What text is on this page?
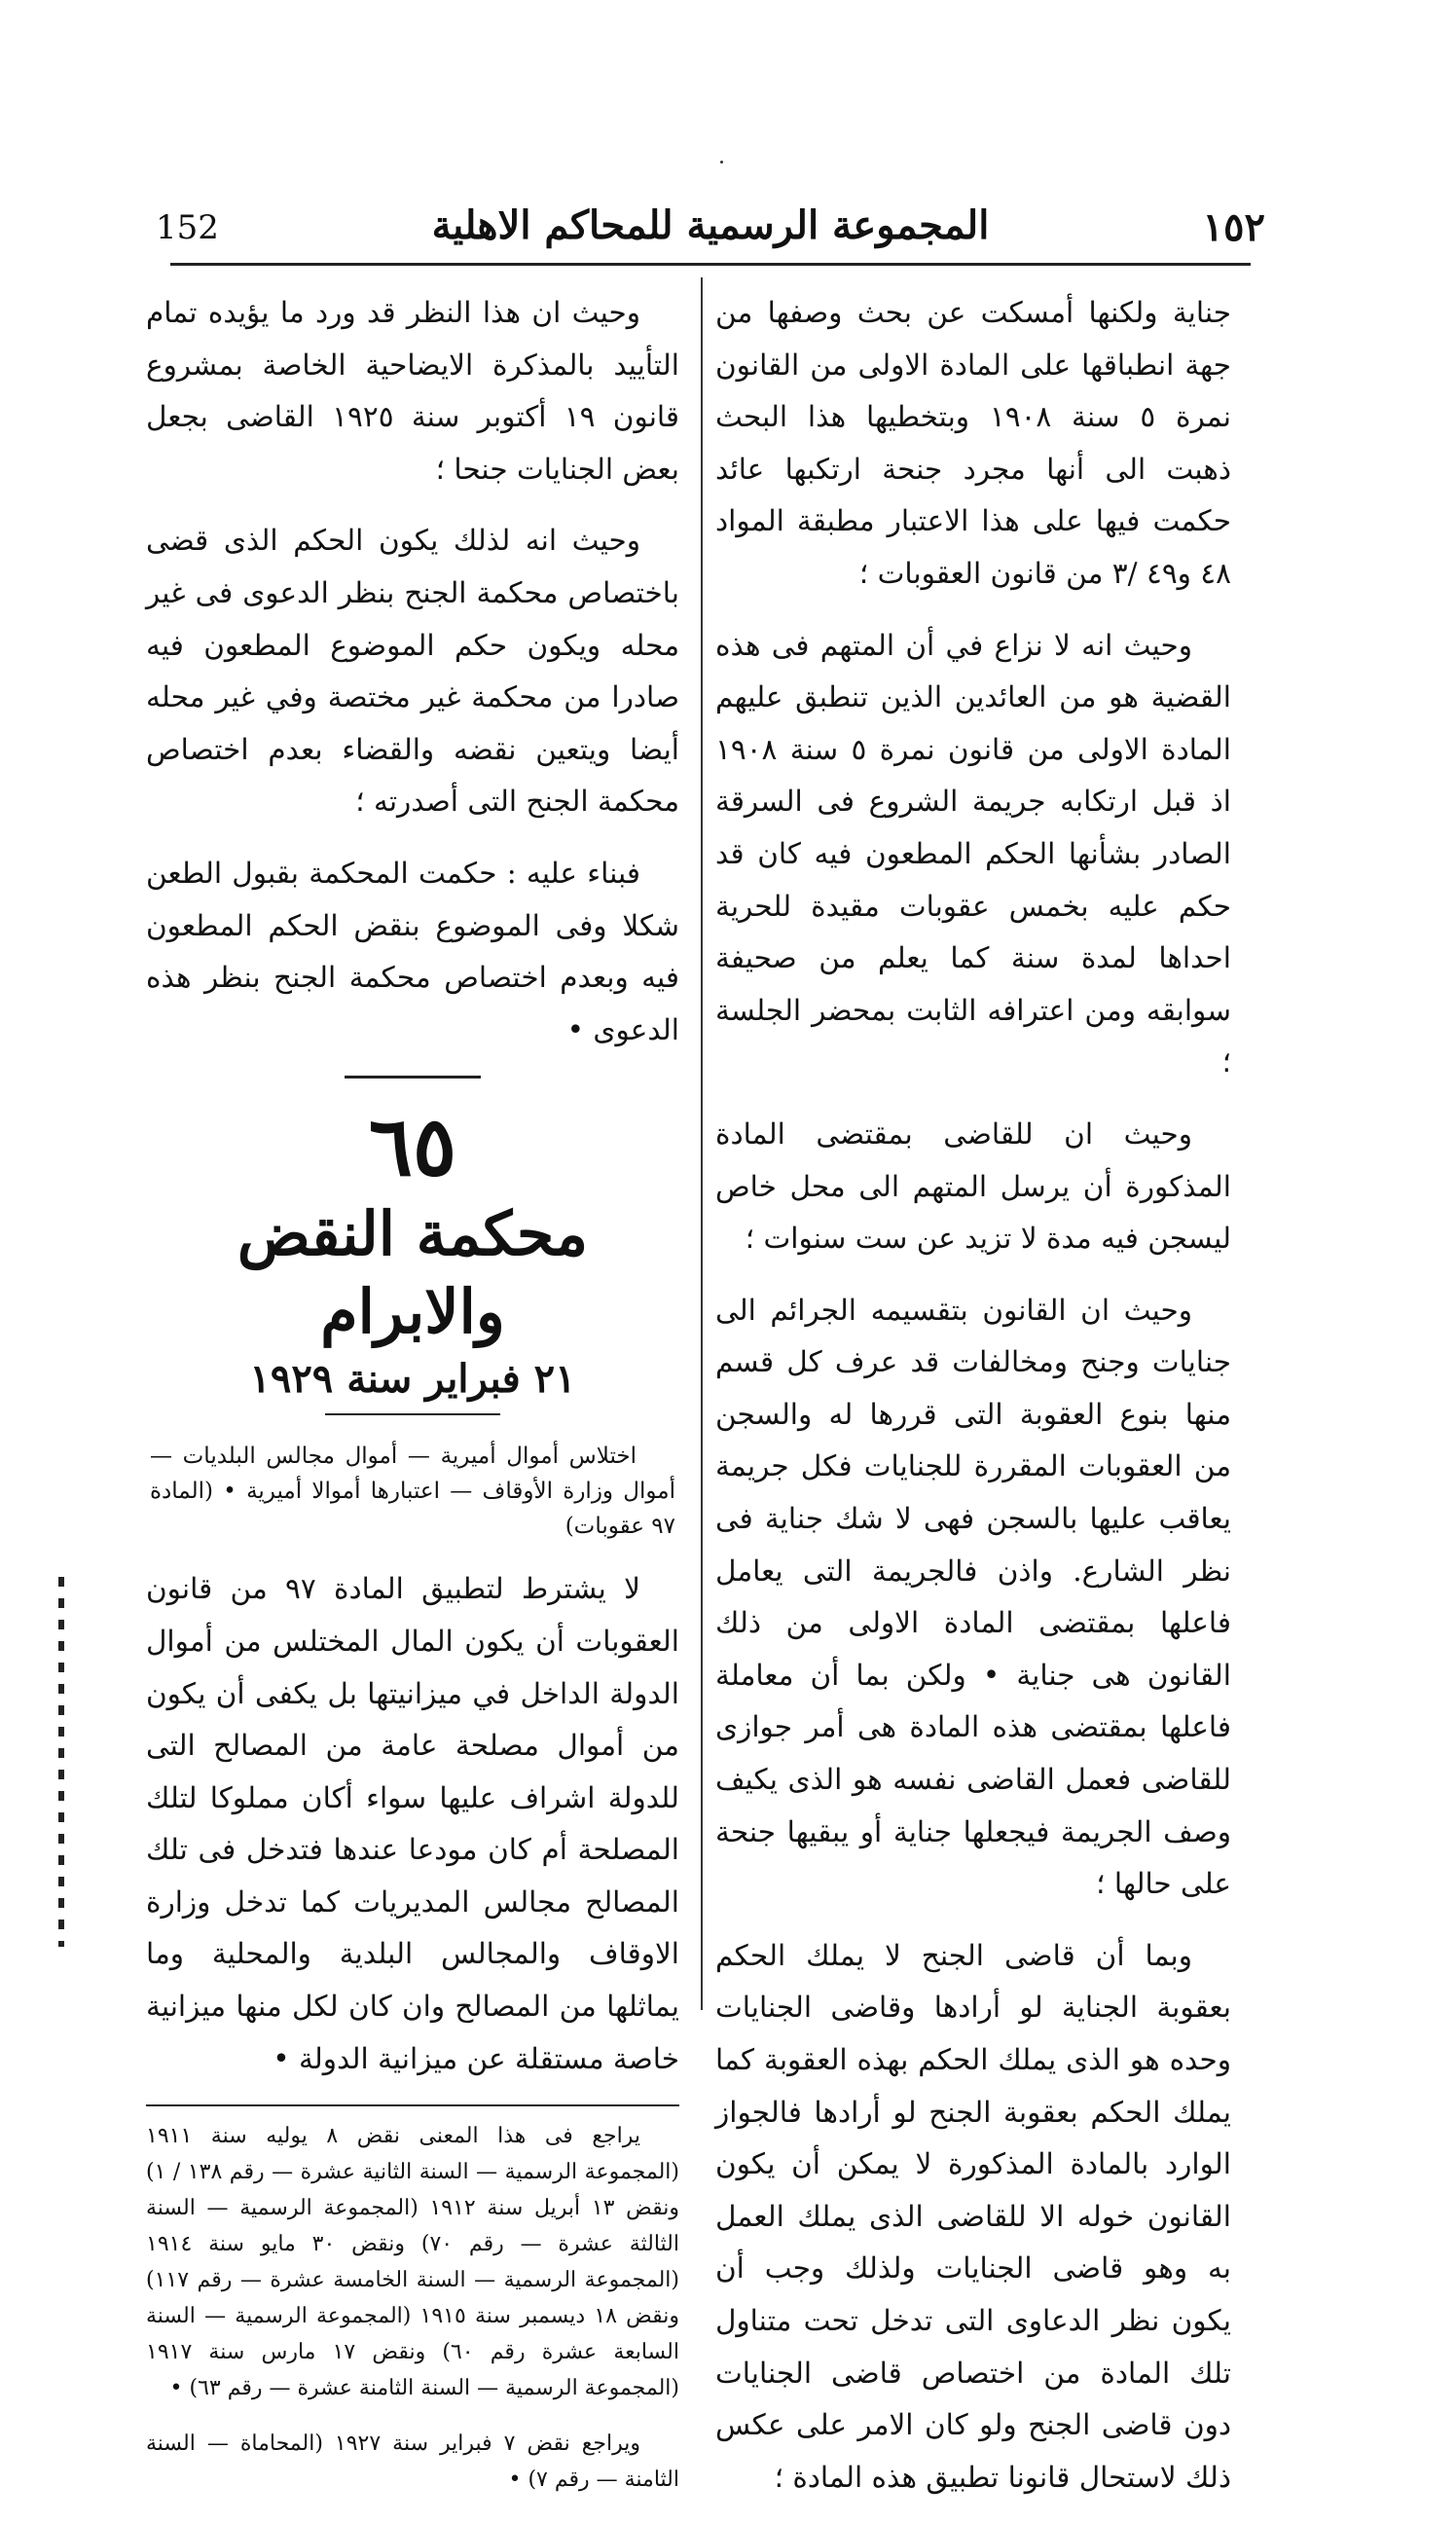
152	المجموعة الرسمية للمحاكم الاهلية	١٥٢

جناية ولكنها أمسكت عن بحث وصفها من جهة انطباقها على المادة الاولى من القانون نمرة ٥ سنة ١٩٠٨ وبتخطيها هذا البحث ذهبت الى أنها مجرد جنحة ارتكبها عائد حكمت فيها على هذا الاعتبار مطبقة المواد ٤٨ و٤٩ /٣ من قانون العقوبات ؛

وحيث انه لا نزاع في أن المتهم فى هذه القضية هو من العائدين الذين تنطبق عليهم المادة الاولى من قانون نمرة ٥ سنة ١٩٠٨ اذ قبل ارتكابه جريمة الشروع فى السرقة الصادر بشأنها الحكم المطعون فيه كان قد حكم عليه بخمس عقوبات مقيدة للحرية احداها لمدة سنة كما يعلم من صحيفة سوابقه ومن اعترافه الثابت بمحضر الجلسة ؛

وحيث ان للقاضى بمقتضى المادة المذكورة أن يرسل المتهم الى محل خاص ليسجن فيه مدة لا تزيد عن ست سنوات ؛

وحيث ان القانون بتقسيمه الجرائم الى جنايات وجنح ومخالفات قد عرف كل قسم منها بنوع العقوبة التى قررها له والسجن من العقوبات المقررة للجنايات فكل جريمة يعاقب عليها بالسجن فهى لا شك جناية فى نظر الشارع. واذن فالجريمة التى يعامل فاعلها بمقتضى المادة الاولى من ذلك القانون هى جناية • ولكن بما أن معاملة فاعلها بمقتضى هذه المادة هى أمر جوازى للقاضى فعمل القاضى نفسه هو الذى يكيف وصف الجريمة فيجعلها جناية أو يبقيها جنحة على حالها ؛

وبما أن قاضى الجنح لا يملك الحكم بعقوبة الجناية لو أرادها وقاضى الجنايات وحده هو الذى يملك الحكم بهذه العقوبة كما يملك الحكم بعقوبة الجنح لو أرادها فالجواز الوارد بالمادة المذكورة لا يمكن أن يكون القانون خوله الا للقاضى الذى يملك العمل به وهو قاضى الجنايات ولذلك وجب أن يكون نظر الدعاوى التى تدخل تحت متناول تلك المادة من اختصاص قاضى الجنايات دون قاضى الجنح ولو كان الامر على عكس ذلك لاستحال قانونا تطبيق هذه المادة ؛

وحيث ان هذا النظر قد ورد ما يؤيده تمام التأييد بالمذكرة الايضاحية الخاصة بمشروع قانون ١٩ أكتوبر سنة ١٩٢٥ القاضى بجعل بعض الجنايات جنحا ؛

وحيث انه لذلك يكون الحكم الذى قضى باختصاص محكمة الجنح بنظر الدعوى فى غير محله ويكون حكم الموضوع المطعون فيه صادرا من محكمة غير مختصة وفي غير محله أيضا ويتعين نقضه والقضاء بعدم اختصاص محكمة الجنح التى أصدرته ؛

فبناء عليه : حكمت المحكمة بقبول الطعن شكلا وفى الموضوع بنقض الحكم المطعون فيه وبعدم اختصاص محكمة الجنح بنظر هذه الدعوى •

٦٥
محكمة النقض والابرام
٢١ فبراير سنة ١٩٢٩

اختلاس أموال أميرية — أموال مجالس البلديات — أموال وزارة الأوقاف — اعتبارها أموالا أميرية • (المادة ٩٧ عقوبات)

لا يشترط لتطبيق المادة ٩٧ من قانون العقوبات أن يكون المال المختلس من أموال الدولة الداخل في ميزانيتها بل يكفى أن يكون من أموال مصلحة عامة من المصالح التى للدولة اشراف عليها سواء أكان مملوكا لتلك المصلحة أم كان مودعا عندها فتدخل فى تلك المصالح مجالس المديريات كما تدخل وزارة الاوقاف والمجالس البلدية والمحلية وما يماثلها من المصالح وان كان لكل منها ميزانية خاصة مستقلة عن ميزانية الدولة •

يراجع فى هذا المعنى نقض ٨ يوليه سنة ١٩١١ (المجموعة الرسمية — السنة الثانية عشرة — رقم ١٣٨ / ١) ونقض ١٣ أبريل سنة ١٩١٢ (المجموعة الرسمية — السنة الثالثة عشرة — رقم ٧٠) ونقض ٣٠ مايو سنة ١٩١٤ (المجموعة الرسمية — السنة الخامسة عشرة — رقم ١١٧) ونقض ١٨ ديسمبر سنة ١٩١٥ (المجموعة الرسمية — السنة السابعة عشرة رقم ٦٠) ونقض ١٧ مارس سنة ١٩١٧ (المجموعة الرسمية — السنة الثامنة عشرة — رقم ٦٣) •

ويراجع نقض ٧ فبراير سنة ١٩٢٧ (المحاماة — السنة الثامنة — رقم ٧) •
